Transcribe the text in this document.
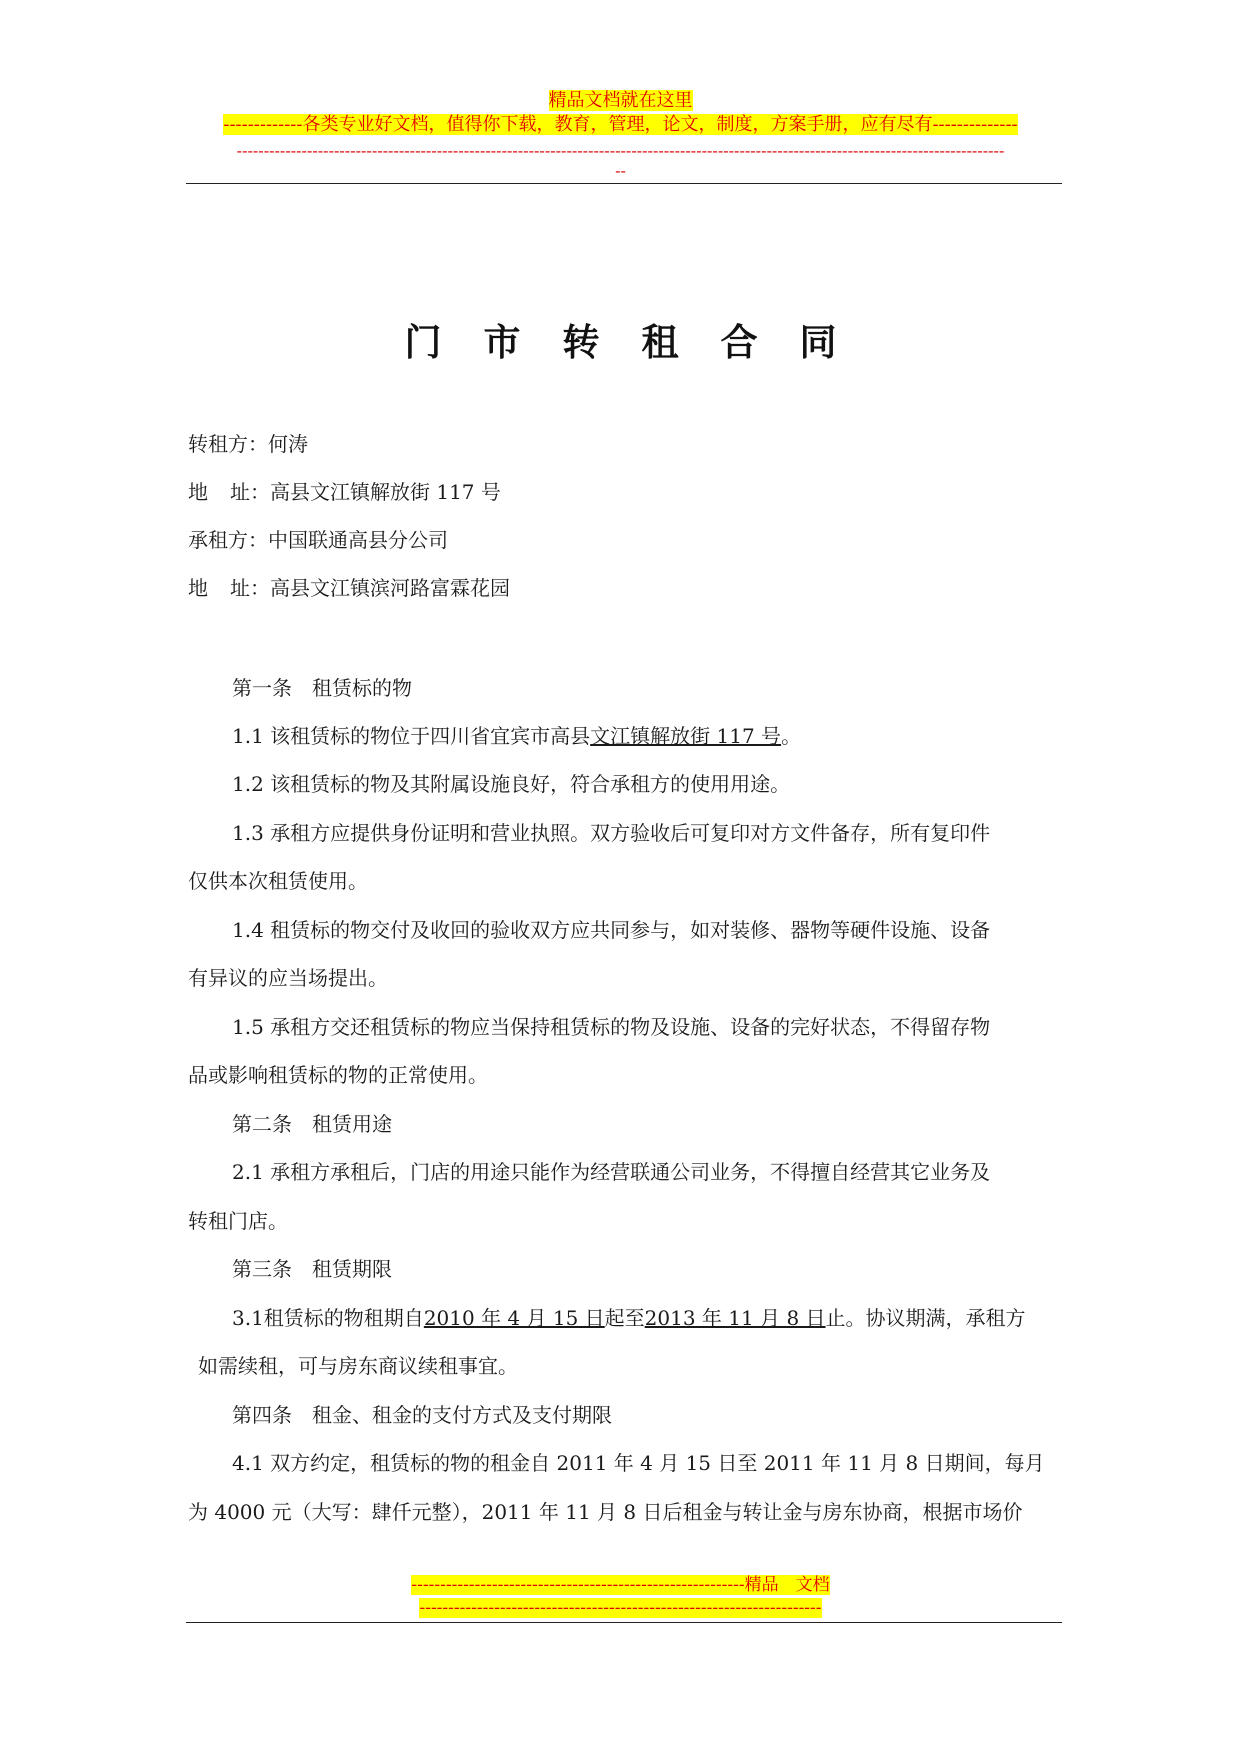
精品文档就在这里
-------------各类专业好文档，值得你下载，教育，管理，论文，制度，方案手册，应有尽有--------------
----------------------------------------------------------------------------------------------------------------------------------------------
--
门市转租合同
转租方：何涛
地 址：高县文江镇解放街 117 号
承租方：中国联通高县分公司
地 址：高县文江镇滨河路富霖花园
第一条　租赁标的物
1.1 该租赁标的物位于四川省宜宾市高县文江镇解放街 117 号。
1.2 该租赁标的物及其附属设施良好，符合承租方的使用用途。
1.3 承租方应提供身份证明和营业执照。双方验收后可复印对方文件备存，所有复印件
仅供本次租赁使用。
1.4 租赁标的物交付及收回的验收双方应共同参与，如对装修、器物等硬件设施、设备
有异议的应当场提出。
1.5 承租方交还租赁标的物应当保持租赁标的物及设施、设备的完好状态，不得留存物
品或影响租赁标的物的正常使用。
第二条　租赁用途
2.1 承租方承租后，门店的用途只能作为经营联通公司业务，不得擅自经营其它业务及
转租门店。
第三条　租赁期限
3.1租赁标的物租期自2010 年 4 月 15 日起至2013 年 11 月 8 日止。协议期满，承租方
如需续租，可与房东商议续租事宜。
第四条　租金、租金的支付方式及支付期限
4.1 双方约定，租赁标的物的租金自 2011 年 4 月 15 日至 2011 年 11 月 8 日期间，每月
为 4000 元（大写：肆仟元整），2011 年 11 月 8 日后租金与转让金与房东协商，根据市场价
----------------------------------------------------------精品　文档
----------------------------------------------------------------------
